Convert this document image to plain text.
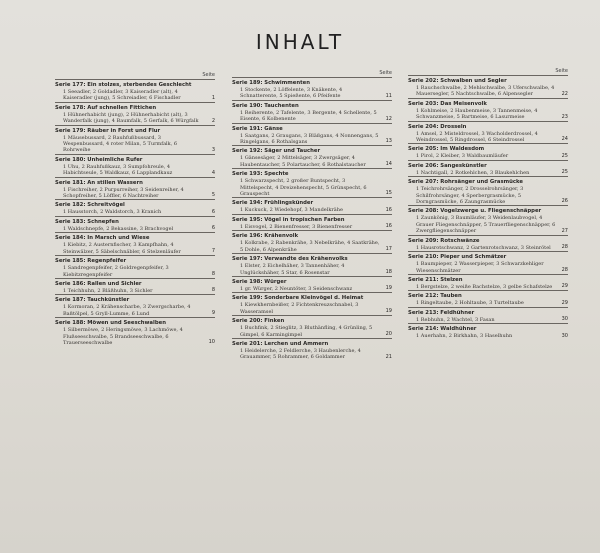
INHALT
Seite
Serie 177: Ein stolzes, sterbendes Geschlecht
1 Seeadler, 2 Goldadler, 3 Kaiseradler (alt), 4 Kaiseradler (jung), 5 Schreiadler, 6 Fischadler	1
Serie 178: Auf schnellen Fittichen
1 Hühnerhabicht (jung), 2 Hühnerhabicht (alt), 3 Wanderfalk (jung), 4 Baumfalk, 5 Gerfalk, 6 Würgfalk	2
Serie 179: Räuber in Forst und Flur
1 Mäusebussard, 2 Rauhfußbussard, 3 Wespenbussard, 4 roter Milan, 5 Turmfalk, 6 Rohrweihe	3
Serie 180: Unheimliche Rufer
1 Uhu, 2 Rauhfußkauz, 3 Sumpfohreule, 4 Habichtseule, 5 Waldkauz, 6 Lapplandkauz	4
Serie 181: An stillen Wassern
1 Fischreiher, 2 Purpurreiher, 3 Seidenreiher, 4 Schopfreiher, 5 Löffler, 6 Nachtreiher	5
Serie 182: Schreitvögel
1 Hausstorch, 2 Waldstorch, 3 Kranich	6
Serie 183: Schnepfen
1 Waldschnepfe, 2 Bekassine, 3 Brachvogel	6
Serie 184: In Marsch und Wiese
1 Kiebitz, 2 Austernfischer, 3 Kampfhahn, 4 Steinwälzer, 5 Säbelschnäbler, 6 Stelzenläufer	7
Serie 185: Regenpfeifer
1 Sandregenpfeifer, 2 Goldregenpfeifer, 3 Kiebitzregenpfeifer	8
Serie 186: Rallen und Sichler
1 Teichhuhn, 2 Bläßhuhn, 3 Sichler	8
Serie 187: Tauchkünstler
1 Kormoran, 2 Krähenscharbe, 3 Zwergscharbe, 4 Baßtölpel, 5 Gryll-Lumme, 6 Lund	9
Serie 188: Möwen und Seeschwalben
1 Silbermöwe, 2 Heringsmöwe, 3 Lachmöwe, 4 Flußseeschwalbe, 5 Brandseeschwalbe, 6 Trauerseeschwalbe	10
Seite
Serie 189: Schwimmenten
1 Stockente, 2 Löffelente, 3 Knäkente, 4 Schnatterente, 5 Spießente, 6 Pfeifente	11
Serie 190: Tauchenten
1 Reiherente, 2 Tafelente, 3 Bergente, 4 Schellente, 5 Eisente, 6 Kolbenente	12
Serie 191: Gänse
1 Saatgans, 2 Graugans, 3 Bläßgans, 4 Nonnengans, 5 Ringelgans, 6 Rothalsgans	13
Serie 192: Säger und Taucher
1 Gänsesäger, 2 Mittelsäger, 3 Zwergsäger, 4 Haubentaucher, 5 Polartaucher, 6 Rothalstaucher	14
Serie 193: Spechte
1 Schwarzspecht, 2 großer Buntspecht, 3 Mittelspecht, 4 Dreizehenspecht, 5 Grünspecht, 6 Grauspecht	15
Serie 194: Frühlingskünder
1 Kuckuck, 2 Wiedehopf, 3 Mandelkrähe	16
Serie 195: Vögel in tropischen Farben
1 Eisvogel, 2 Bienenfresser, 3 Bienenfresser	16
Serie 196: Krähenvolk
1 Kolkrabe, 2 Rabenkrähe, 3 Nebelkrähe, 4 Saatkrähe, 5 Dohle, 6 Alpenkrähe	17
Serie 197: Verwandte des Krähenvolks
1 Elster, 2 Eichelhäher, 3 Tannenhäher, 4 Unglückshäher, 5 Star, 6 Rosenstar	18
Serie 198: Würger
1 gr. Würger, 2 Neuntöter, 3 Seidenschwanz	19
Serie 199: Sonderbare Kleinvögel d. Heimat
1 Kiewkhernbeißer, 2 Fichtenkreuzschnabel, 3 Wasseramsel	19
Serie 200: Finken
1 Buchfink, 2 Stieglitz, 3 Bluthänfling, 4 Grünling, 5 Gimpel, 6 Karmingimpel	20
Serie 201: Lerchen und Ammern
1 Heidelerche, 2 Feldlerche, 3 Haubenlerche, 4 Grauammer, 5 Rohrammer, 6 Goldammer	21
Seite
Serie 202: Schwalben und Segler
1 Rauchschwalbe, 2 Mehlschwalbe, 3 Uferschwalbe, 4 Mauersegler, 5 Nachtschwalbe, 6 Alpensegler	22
Serie 203: Das Meisenvolk
1 Kohlmeise, 2 Haubenmeise, 3 Tannenmeise, 4 Schwanzmeise, 5 Bartmeise, 6 Lasurmeise	23
Serie 204: Drosseln
1 Amsel, 2 Misteldrossel, 3 Wacholderdrossel, 4 Weindrossel, 5 Ringdrossel, 6 Steindrossel	24
Serie 205: Im Waldesdom
1 Pirol, 2 Kleiber, 3 Waldbaumläufer	25
Serie 206: Sangeskünstler
1 Nachtigall, 2 Rotkehlchen, 3 Blaukehlchen	25
Serie 207: Rohrsänger und Grasmücke
1 Teichrohrsänger, 2 Drosselrohrsänger, 3 Schilfrohrsänger, 4 Sperbergrasmücke, 5 Dorngrasmücke, 6 Zaungrasmücke	26
Serie 208: Vogelzwerge u. Fliegenschnäpper
1 Zaunkönig, 3 Baumläufer, 3 Weidenlaubvogel, 4 Grauer Fliegenschnäpper, 5 Trauerfliegenschnäpper, 6 Zwergfliegenschnäpper	27
Serie 209: Rotschwänze
1 Hausrotschwanz, 2 Gartenrotschwanz, 3 Steinrötel	28
Serie 210: Pieper und Schmätzer
1 Baumpieper, 2 Wasserpieper, 3 Schwarzkehliger Wiesenschmätzer	28
Serie 211: Stelzen
1 Bergstelze, 2 weiße Bachstelze, 3 gelbe Schafstelze	29
Serie 212: Tauben
1 Ringeltaube, 2 Hohltaube, 3 Turteltaube	29
Serie 213: Feldhühner
1 Rebhuhn, 2 Wachtel, 3 Fasan	30
Serie 214: Waldhühner
1 Auerhahn, 2 Birkhahn, 3 Haselhuhn	30
